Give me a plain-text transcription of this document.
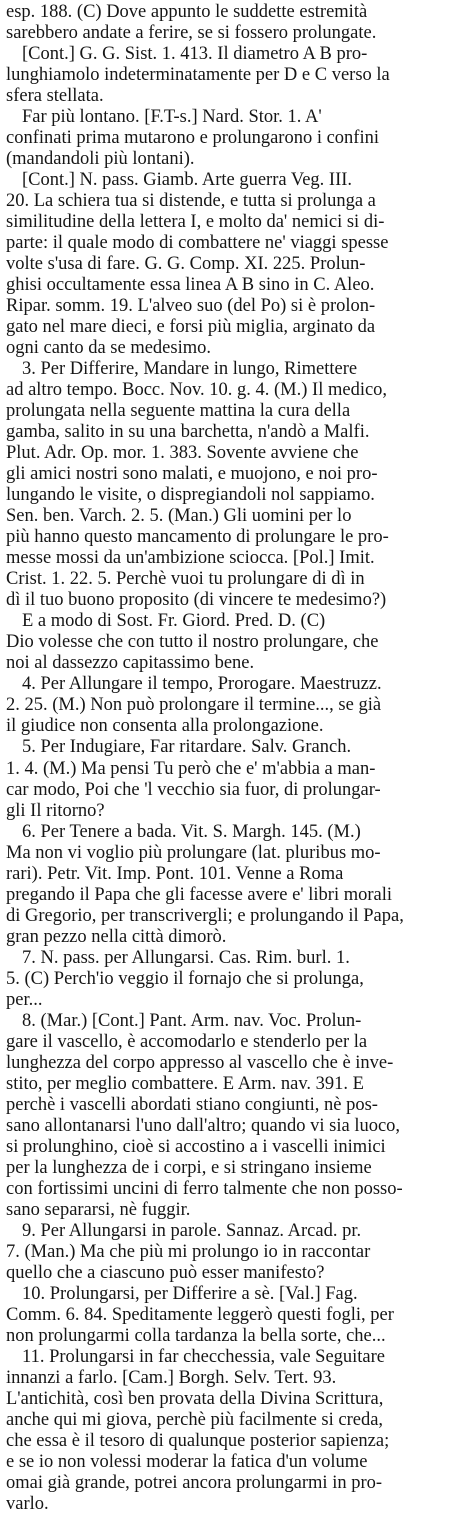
esp. 188. (C) Dove appunto le suddette estremità
sarebbero andate a ferire, se si fossero prolungate.
[Cont.] G. G. Sist. 1. 413. Il diametro A B pro-
lunghiamolo indeterminatamente per D e C verso la
sfera stellata.
Far più lontano. [F.T-s.] Nard. Stor. 1. A'
confinati prima mutarono e prolungarono i confini
(mandandoli più lontani).
[Cont.] N. pass. Giamb. Arte guerra Veg. III.
20. La schiera tua si distende, e tutta si prolunga a
similitudine della lettera I, e molto da' nemici si di-
parte: il quale modo di combattere ne' viaggi spesse
volte s'usa di fare. G. G. Comp. XI. 225. Prolun-
ghisi occultamente essa linea A B sino in C. Aleo.
Ripar. somm. 19. L'alveo suo (del Po) si è prolon-
gato nel mare dieci, e forsi più miglia, arginato da
ogni canto da se medesimo.
3. Per Differire, Mandare in lungo, Rimettere
ad altro tempo. Bocc. Nov. 10. g. 4. (M.) Il medico,
prolungata nella seguente mattina la cura della
gamba, salito in su una barchetta, n'andò a Malfi.
Plut. Adr. Op. mor. 1. 383. Sovente avviene che
gli amici nostri sono malati, e muojono, e noi pro-
lungando le visite, o dispregiandoli nol sappiamo.
Sen. ben. Varch. 2. 5. (Man.) Gli uomini per lo
più hanno questo mancamento di prolungare le pro-
messe mossi da un'ambizione sciocca. [Pol.] Imit.
Crist. 1. 22. 5. Perchè vuoi tu prolungare di dì in
dì il tuo buono proposito (di vincere te medesimo?)
E a modo di Sost. Fr. Giord. Pred. D. (C)
Dio volesse che con tutto il nostro prolungare, che
noi al dassezzo capitassimo bene.
4. Per Allungare il tempo, Prorogare. Maestruzz.
2. 25. (M.) Non può prolongare il termine..., se già
il giudice non consenta alla prolongazione.
5. Per Indugiare, Far ritardare. Salv. Granch.
1. 4. (M.) Ma pensi Tu però che e' m'abbia a man-
car modo, Poi che 'l vecchio sia fuor, di prolungar-
gli Il ritorno?
6. Per Tenere a bada. Vit. S. Margh. 145. (M.)
Ma non vi voglio più prolungare (lat. pluribus mo-
rari). Petr. Vit. Imp. Pont. 101. Venne a Roma
pregando il Papa che gli facesse avere e' libri morali
di Gregorio, per transcrivergli; e prolungando il Papa,
gran pezzo nella città dimorò.
7. N. pass. per Allungarsi. Cas. Rim. burl. 1.
5. (C) Perch'io veggio il fornajo che si prolunga,
per...
8. (Mar.) [Cont.] Pant. Arm. nav. Voc. Prolun-
gare il vascello, è accomodarlo e stenderlo per la
lunghezza del corpo appresso al vascello che è inve-
stito, per meglio combattere. E Arm. nav. 391. E
perchè i vascelli abordati stiano congiunti, nè pos-
sano allontanarsi l'uno dall'altro; quando vi sia luoco,
si prolunghino, cioè si accostino a i vascelli inimici
per la lunghezza de i corpi, e si stringano insieme
con fortissimi uncini di ferro talmente che non posso-
sano separarsi, nè fuggir.
9. Per Allungarsi in parole. Sannaz. Arcad. pr.
7. (Man.) Ma che più mi prolungo io in raccontar
quello che a ciascuno può esser manifesto?
10. Prolungarsi, per Differire a sè. [Val.] Fag.
Comm. 6. 84. Speditamente leggerò questi fogli, per
non prolungarmi colla tardanza la bella sorte, che...
11. Prolungarsi in far checchessia, vale Seguitare
innanzi a farlo. [Cam.] Borgh. Selv. Tert. 93.
L'antichità, così ben provata della Divina Scrittura,
anche qui mi giova, perchè più facilmente si creda,
che essa è il tesoro di qualunque posterior sapienza;
e se io non volessi moderar la fatica d'un volume
omai già grande, potrei ancora prolungarmi in pro-
varlo.
